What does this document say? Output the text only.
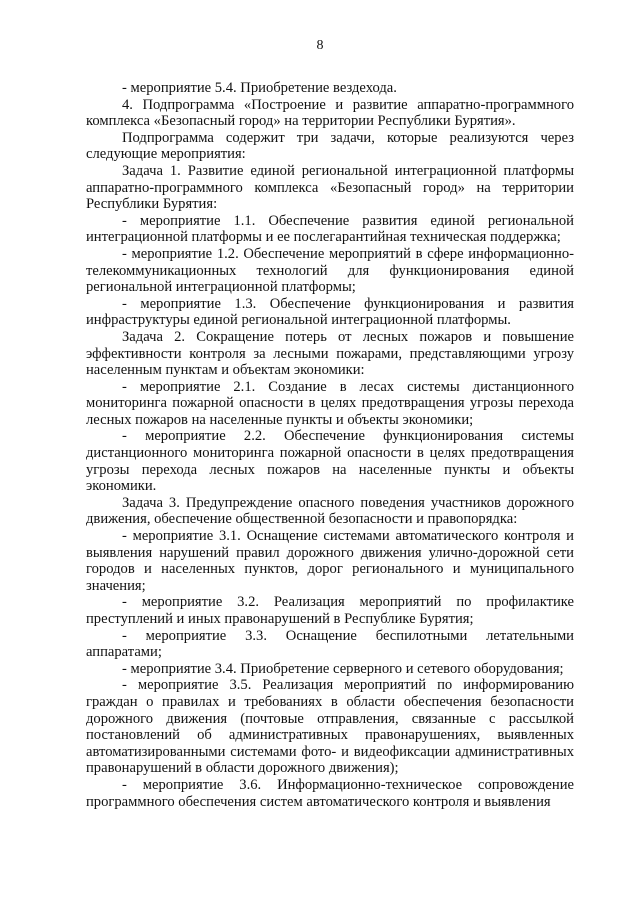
8

- мероприятие 5.4. Приобретение вездехода.

4. Подпрограмма «Построение и развитие аппаратно-программного комплекса «Безопасный город» на территории Республики Бурятия».

Подпрограмма содержит три задачи, которые реализуются через следующие мероприятия:

Задача 1. Развитие единой региональной интеграционной платформы аппаратно-программного комплекса «Безопасный город» на территории Республики Бурятия:

- мероприятие 1.1. Обеспечение развития единой региональной интеграционной платформы и ее послегарантийная техническая поддержка;

- мероприятие 1.2. Обеспечение мероприятий в сфере информационно-телекоммуникационных технологий для функционирования единой региональной интеграционной платформы;

- мероприятие 1.3. Обеспечение функционирования и развития инфраструктуры единой региональной интеграционной платформы.

Задача 2. Сокращение потерь от лесных пожаров и повышение эффективности контроля за лесными пожарами, представляющими угрозу населенным пунктам и объектам экономики:

- мероприятие 2.1. Создание в лесах системы дистанционного мониторинга пожарной опасности в целях предотвращения угрозы перехода лесных пожаров на населенные пункты и объекты экономики;

- мероприятие 2.2. Обеспечение функционирования системы дистанционного мониторинга пожарной опасности в целях предотвращения угрозы перехода лесных пожаров на населенные пункты и объекты экономики.

Задача 3. Предупреждение опасного поведения участников дорожного движения, обеспечение общественной безопасности и правопорядка:

- мероприятие 3.1. Оснащение системами автоматического контроля и выявления нарушений правил дорожного движения улично-дорожной сети городов и населенных пунктов, дорог регионального и муниципального значения;

- мероприятие 3.2. Реализация мероприятий по профилактике преступлений и иных правонарушений в Республике Бурятия;

- мероприятие 3.3. Оснащение беспилотными летательными аппаратами;

- мероприятие 3.4. Приобретение серверного и сетевого оборудования;

- мероприятие 3.5. Реализация мероприятий по информированию граждан о правилах и требованиях в области обеспечения безопасности дорожного движения (почтовые отправления, связанные с рассылкой постановлений об административных правонарушениях, выявленных автоматизированными системами фото- и видеофиксации административных правонарушений в области дорожного движения);

- мероприятие 3.6. Информационно-техническое сопровождение программного обеспечения систем автоматического контроля и выявления
